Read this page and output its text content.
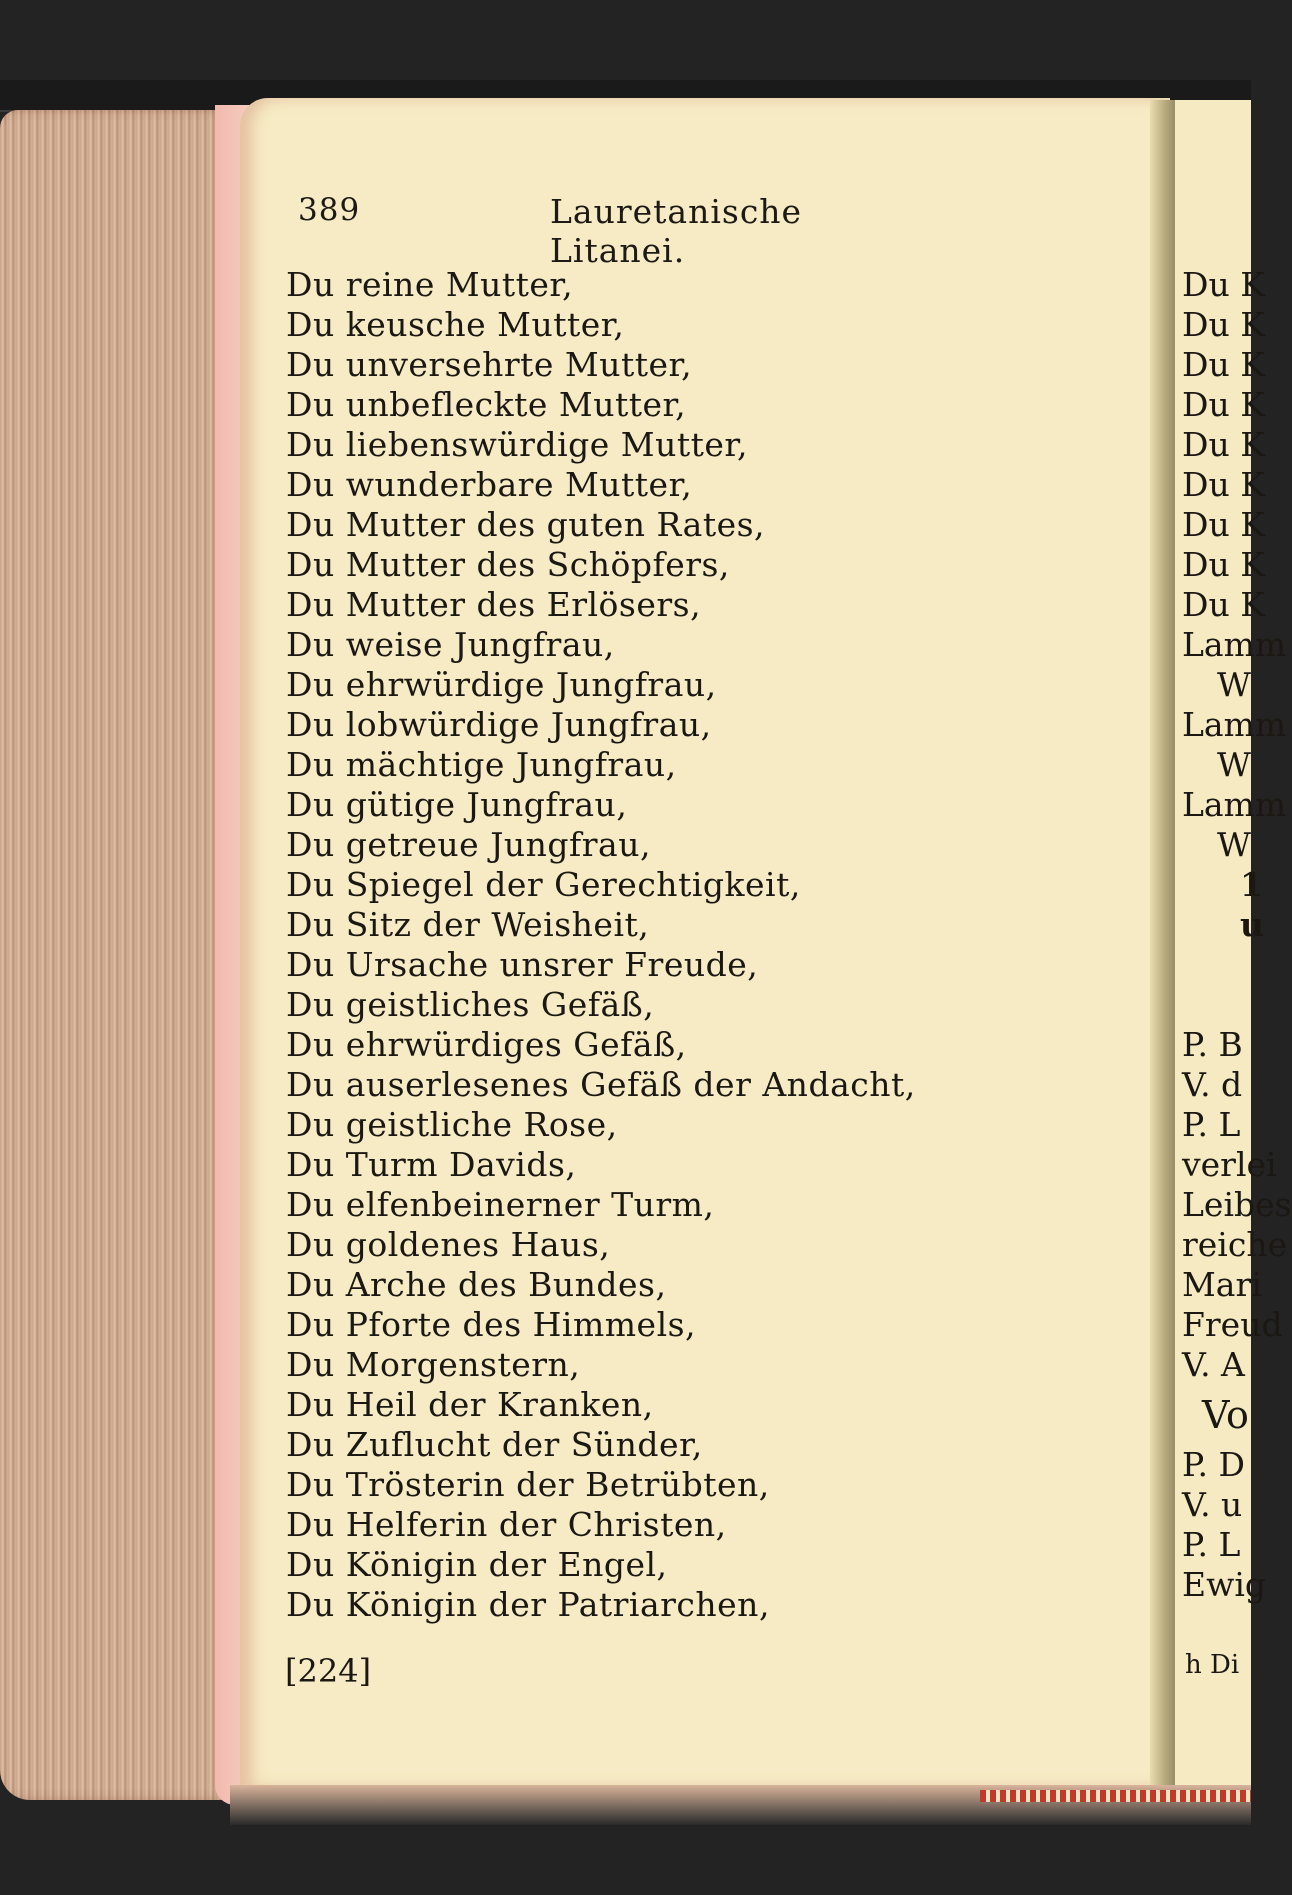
389	Lauretanische Litanei.
Du reine Mutter,
Du keusche Mutter,
Du unversehrte Mutter,
Du unbefleckte Mutter,
Du liebenswürdige Mutter,
Du wunderbare Mutter,
Du Mutter des guten Rates,
Du Mutter des Schöpfers,
Du Mutter des Erlösers,
Du weise Jungfrau,
Du ehrwürdige Jungfrau,
Du lobwürdige Jungfrau,
Du mächtige Jungfrau,
Du gütige Jungfrau,
Du getreue Jungfrau,
Du Spiegel der Gerechtigkeit,
Du Sitz der Weisheit,
Du Ursache unsrer Freude,
Du geistliches Gefäß,
Du ehrwürdiges Gefäß,
Du auserlesenes Gefäß der Andacht,
Du geistliche Rose,
Du Turm Davids,
Du elfenbeinerner Turm,
Du goldenes Haus,
Du Arche des Bundes,
Du Pforte des Himmels,
Du Morgenstern,
Du Heil der Kranken,
Du Zuflucht der Sünder,
Du Trösterin der Betrübten,
Du Helferin der Christen,
Du Königin der Engel,
Du Königin der Patriarchen,
[224]
Du K
Du K
Du K
Du K
Du K
Du K
Du K
Du K
Du K
Lamm
W
Lamm
W
Lamm
W
1
u
P. B
V. d
P. L
verlei
Leibes
reiche
Mari
Freud
V. A
Vo
P. D
V. u
P. L
Ewig
h Di
